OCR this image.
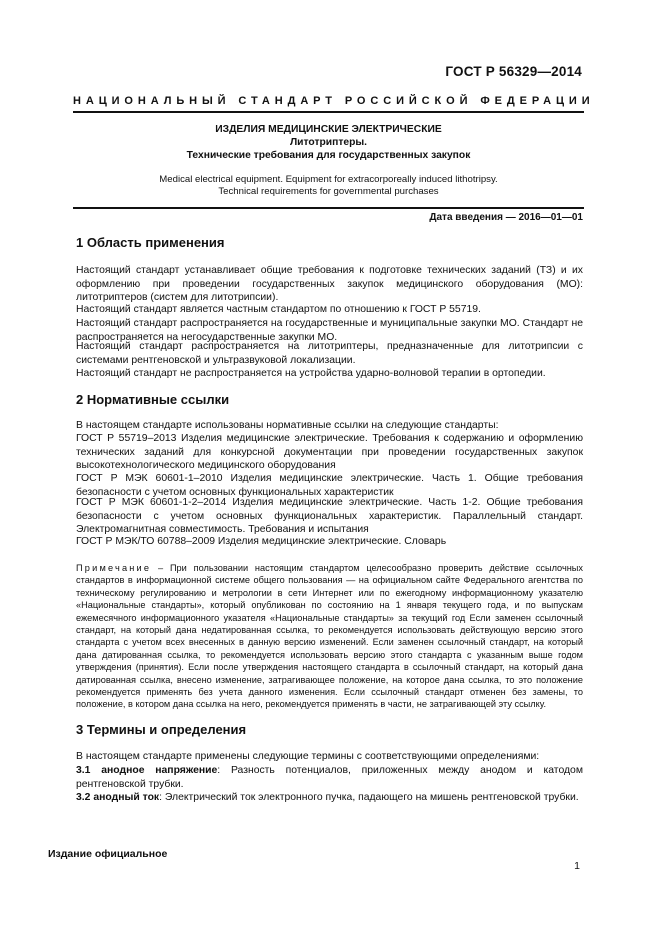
ГОСТ Р 56329—2014
НАЦИОНАЛЬНЫЙ СТАНДАРТ РОССИЙСКОЙ ФЕДЕРАЦИИ
ИЗДЕЛИЯ МЕДИЦИНСКИЕ ЭЛЕКТРИЧЕСКИЕ
Литотриптеры.
Технические требования для государственных закупок
Medical electrical equipment. Equipment for extracorporeally induced lithotripsy.
Technical requirements for governmental purchases
Дата введения — 2016—01—01
1 Область применения
Настоящий стандарт устанавливает общие требования к подготовке технических заданий (ТЗ) и их оформлению при проведении государственных закупок медицинского оборудования (МО): литотриптеров (систем для литотрипсии).
Настоящий стандарт является частным стандартом по отношению к ГОСТ Р 55719.
Настоящий стандарт распространяется на государственные и муниципальные закупки МО. Стандарт не распространяется на негосударственные закупки МО.
Настоящий стандарт распространяется на литотриптеры, предназначенные для литотрипсии с системами рентгеновской и ультразвуковой локализации.
Настоящий стандарт не распространяется на устройства ударно-волновой терапии в ортопедии.
2 Нормативные ссылки
В настоящем стандарте использованы нормативные ссылки на следующие стандарты:
ГОСТ Р 55719–2013 Изделия медицинские электрические. Требования к содержанию и оформлению технических заданий для конкурсной документации при проведении государственных закупок высокотехнологического медицинского оборудования
ГОСТ Р МЭК 60601-1–2010 Изделия медицинские электрические. Часть 1. Общие требования безопасности с учетом основных функциональных характеристик
ГОСТ Р МЭК 60601-1-2–2014 Изделия медицинские электрические. Часть 1-2. Общие требования безопасности с учетом основных функциональных характеристик. Параллельный стандарт. Электромагнитная совместимость. Требования и испытания
ГОСТ Р МЭК/ТО 60788–2009 Изделия медицинские электрические. Словарь
Примечание – При пользовании настоящим стандартом целесообразно проверить действие ссылочных стандартов в информационной системе общего пользования — на официальном сайте Федерального агентства по техническому регулированию и метрологии в сети Интернет или по ежегодному информационному указателю «Национальные стандарты», который опубликован по состоянию на 1 января текущего года, и по выпускам ежемесячного информационного указателя «Национальные стандарты» за текущий год Если заменен ссылочный стандарт, на который дана недатированная ссылка, то рекомендуется использовать действующую версию этого стандарта с учетом всех внесенных в данную версию изменений. Если заменен ссылочный стандарт, на который дана датированная ссылка, то рекомендуется использовать версию этого стандарта с указанным выше годом утверждения (принятия). Если после утверждения настоящего стандарта в ссылочный стандарт, на который дана датированная ссылка, внесено изменение, затрагивающее положение, на которое дана ссылка, то это положение рекомендуется применять без учета данного изменения. Если ссылочный стандарт отменен без замены, то положение, в котором дана ссылка на него, рекомендуется применять в части, не затрагивающей эту ссылку.
3 Термины и определения
В настоящем стандарте применены следующие термины с соответствующими определениями:
3.1 анодное напряжение: Разность потенциалов, приложенных между анодом и катодом рентгеновской трубки.
3.2 анодный ток: Электрический ток электронного пучка, падающего на мишень рентгеновской трубки.
Издание официальное
1
